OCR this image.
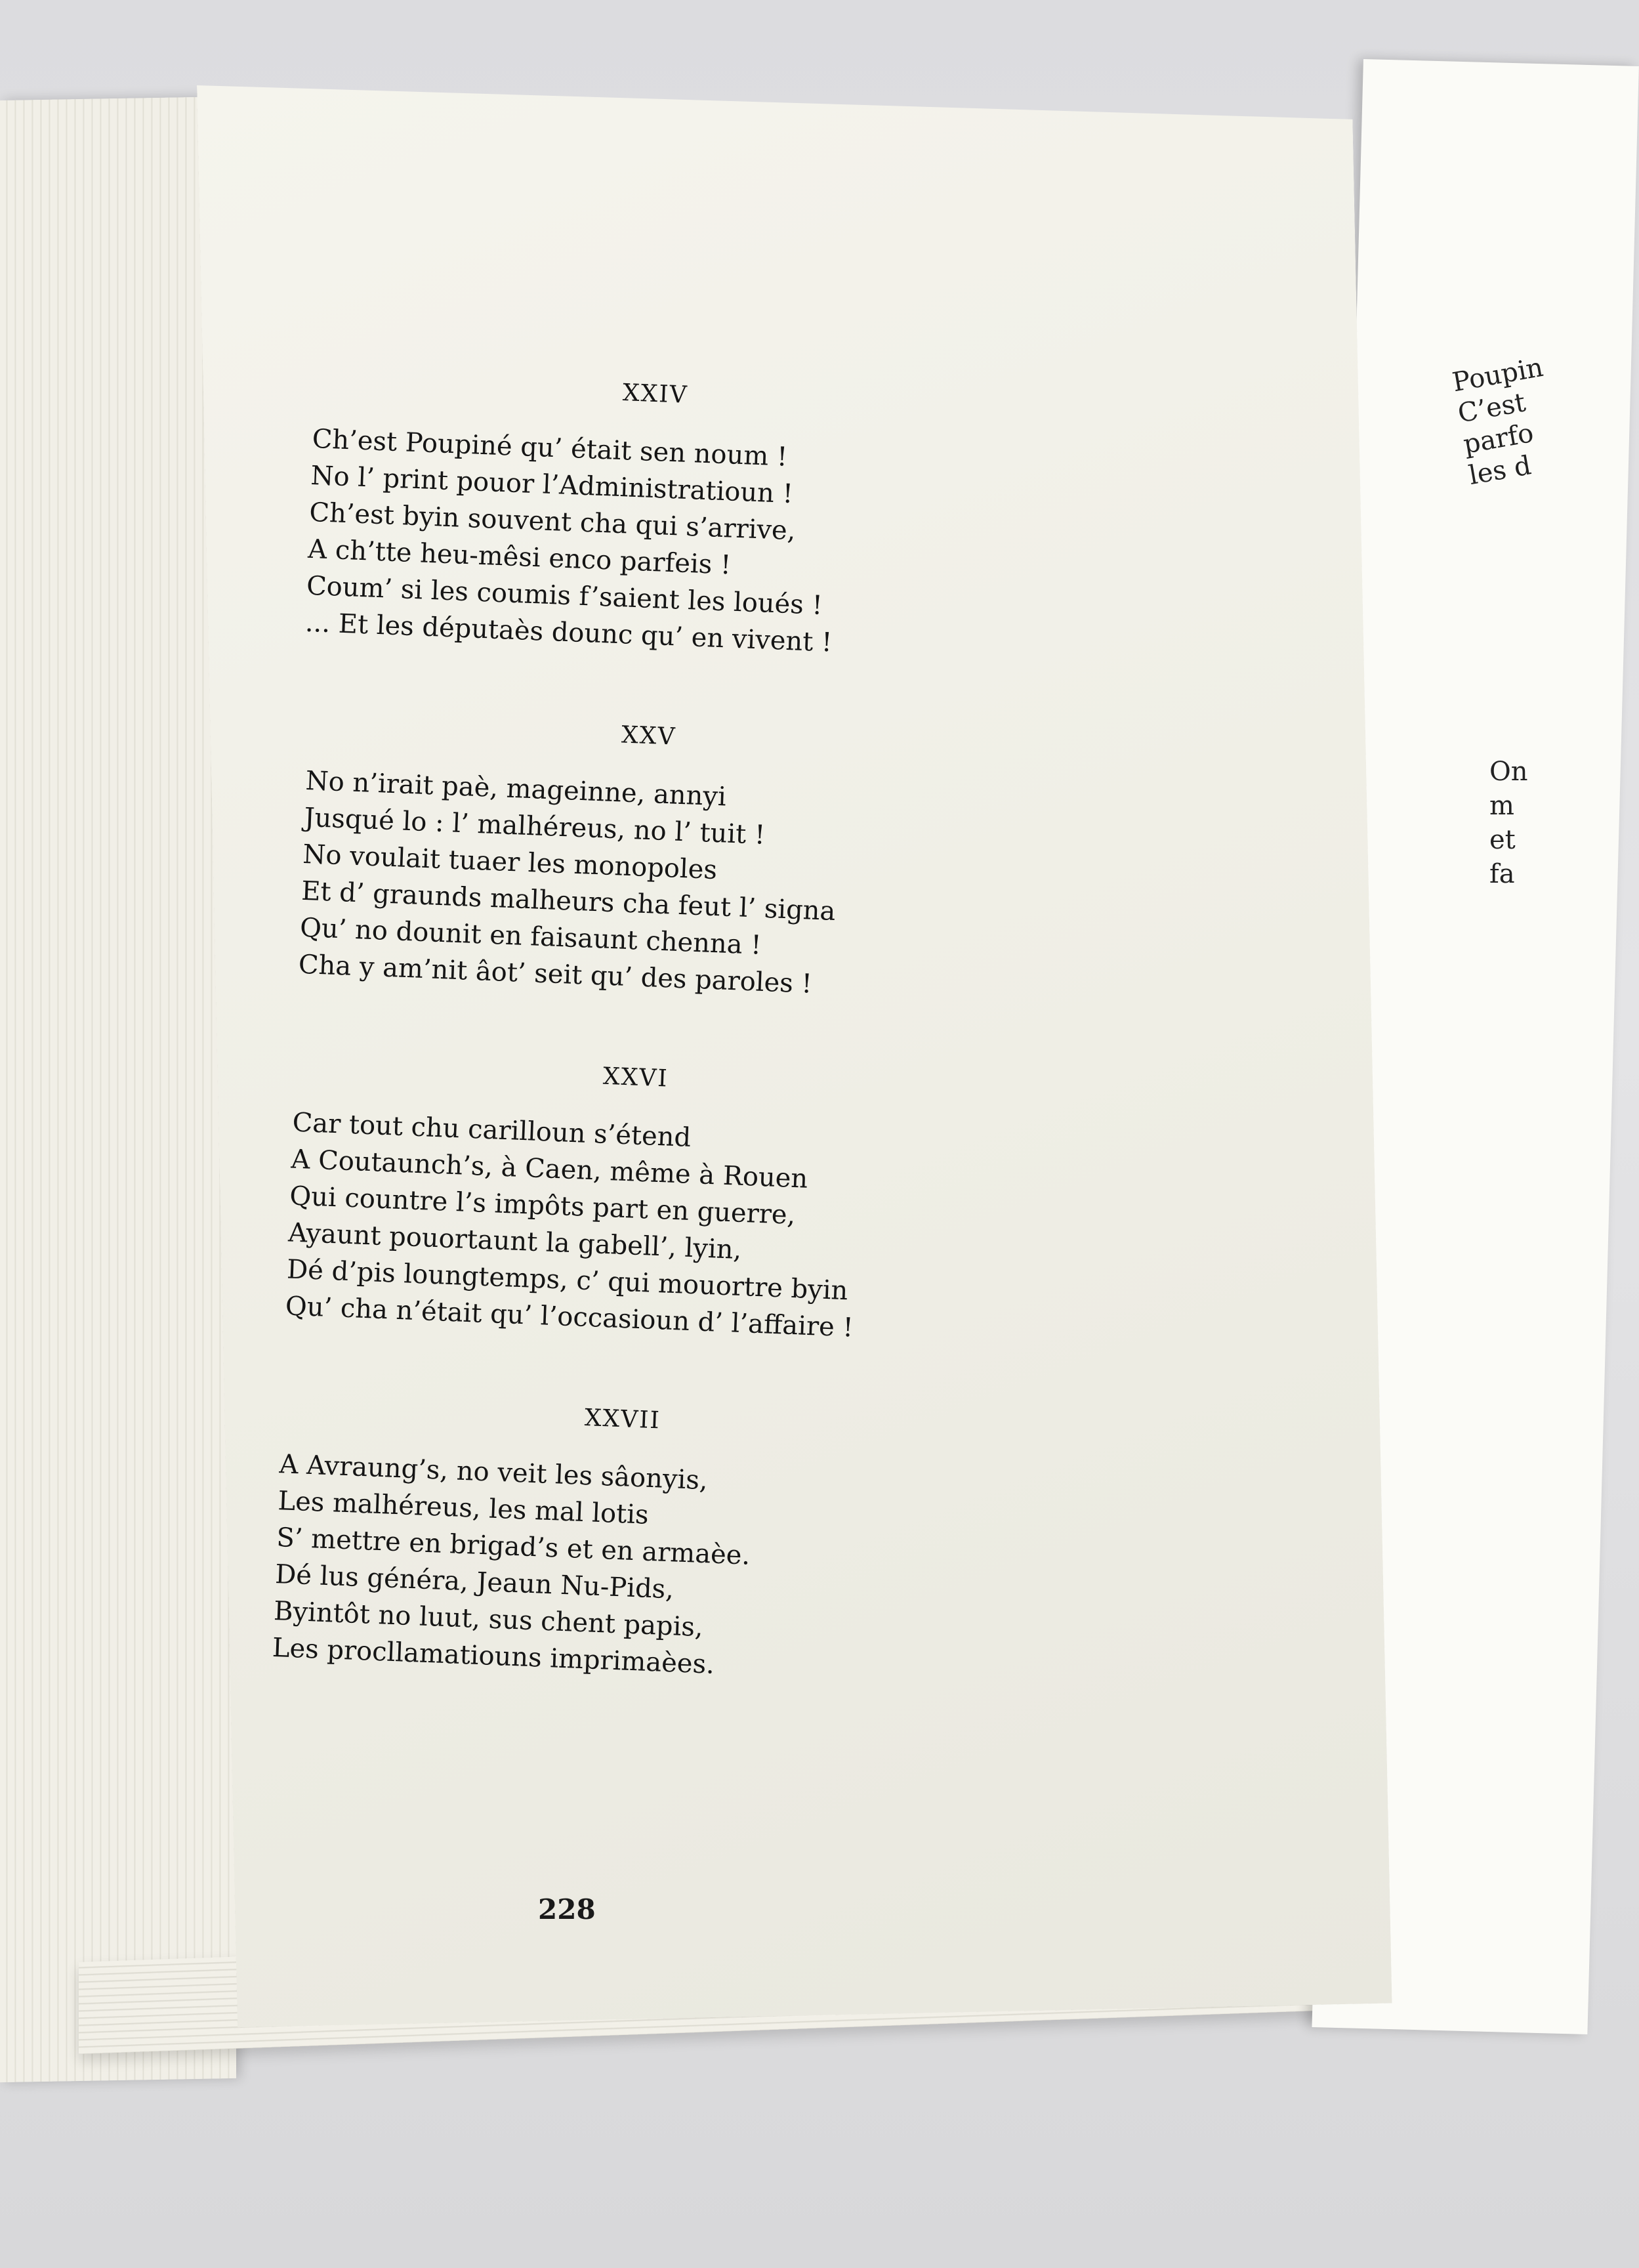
Poupin
C’est
parfo
les d
On
m
et
fa
XXIV
Ch’est Poupiné qu’ était sen noum !
No l’ print pouor l’Administratioun !
Ch’est byin souvent cha qui s’arrive,
A ch’tte heu-mêsi enco parfeis !
Coum’ si les coumis f’saient les loués !
... Et les députaès dounc qu’ en vivent !
XXV
No n’irait paè, mageinne, annyi
Jusqué lo : l’ malhéreus, no l’ tuit !
No voulait tuaer les monopoles
Et d’ graunds malheurs cha feut l’ signa
Qu’ no dounit en faisaunt chenna !
Cha y am’nit âot’ seit qu’ des paroles !
XXVI
Car tout chu carilloun s’étend
A Coutaunch’s, à Caen, même à Rouen
Qui countre l’s impôts part en guerre,
Ayaunt pouortaunt la gabell’, lyin,
Dé d’pis loungtemps, c’ qui mouortre byin
Qu’ cha n’était qu’ l’occasioun d’ l’affaire !
XXVII
A Avraung’s, no veit les sâonyis,
Les malhéreus, les mal lotis
S’ mettre en brigad’s et en armaèe.
Dé lus généra, Jeaun Nu-Pids,
Byintôt no luut, sus chent papis,
Les procllamatiouns imprimaèes.
228
